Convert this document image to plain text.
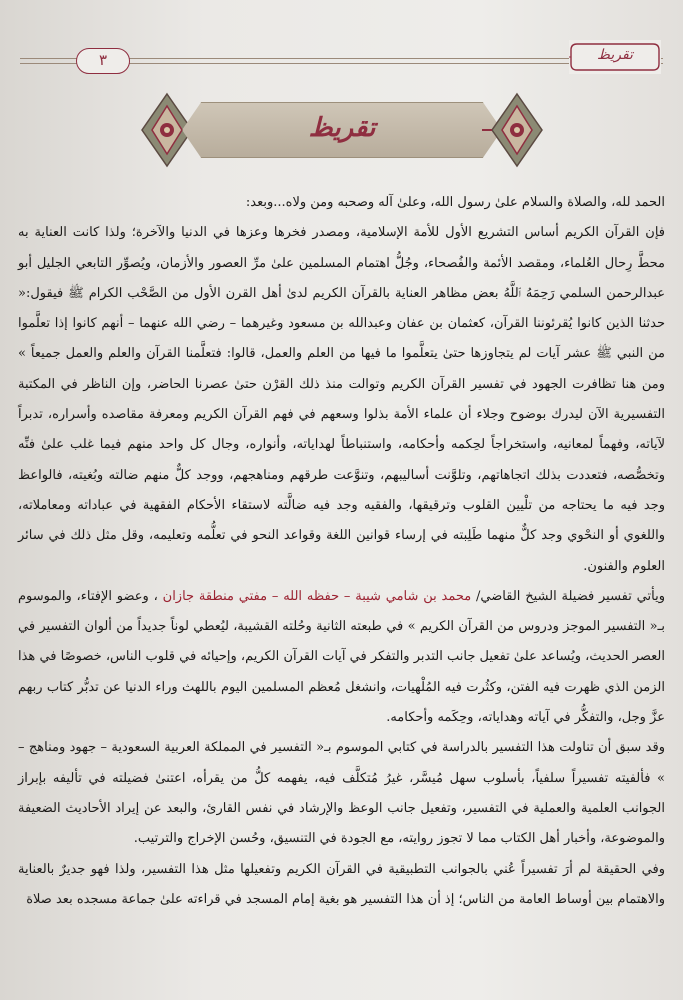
٣	تقريظ
تقريظ

الحمد لله، والصلاة والسلام علىٰ رسول الله، وعلىٰ آله وصحبه ومن ولاه...وبعد:

فإن القرآن الكريم أساس التشريع الأول للأمة الإسلامية، ومصدر فخرها وعزها في الدنيا والآخرة؛ ولذا كانت العناية به محطَّ رِحال العُلماء، ومقصد الأئمة والفُصحاء، وجُلُّ اهتمام المسلمين علىٰ مرِّ العصور والأزمان، ويُصوِّر التابعي الجليل أبو عبدالرحمن السلمي رَحِمَهُ ٱللَّهُ بعض مظاهر العناية بالقرآن الكريم لدىٰ أهل القرن الأول من الصَّحْب الكرام ﷺ فيقول:« حدثنا الذين كانوا يُقرئوننا القرآن، كعثمان بن عفان وعبدالله بن مسعود وغيرهما – رضي الله عنهما – أنهم كانوا إذا تعلَّموا من النبي ﷺ عشر آيات لم يتجاوزها حتىٰ يتعلَّموا ما فيها من العلم والعمل، قالوا: فتعلَّمنا القرآن والعلم والعمل جميعاً » ومن هنا تظافرت الجهود في تفسير القرآن الكريم وتوالت منذ ذلك القرْن حتىٰ عصرنا الحاضر، وإن الناظر في المكتبة التفسيرية الآن ليدرك بوضوح وجلاء أن علماء الأمة بذلوا وسعهم في فهم القرآن الكريم ومعرفة مقاصده وأسراره، تدبراً لآياته، وفهماً لمعانيه، واستخراجاً لحِكمه وأحكامه، واستنباطاً لهداياته، وأنواره، وجال كل واحد منهم فيما غلب علىٰ فنِّه وتخصُّصه، فتعددت بذلك اتجاهاتهم، وتلوَّنت أساليبهم، وتنوَّعت طرقهم ومناهجهم، ووجد كلٌّ منهم ضالته وبُغيته، فالواعظ وجد فيه ما يحتاجه من تلْيين القلوب وترقيقها، والفقيه وجد فيه ضالَّته لاستقاء الأحكام الفقهية في عباداته ومعاملاته، واللغوي أو النحْوي وجد كلٌّ منهما طَلِبته في إرساء قوانين اللغة وقواعد النحو في تعلُّمه وتعليمه، وقل مثل ذلك في سائر العلوم والفنون.

ويأتي تفسير فضيلة الشيخ القاضي/ محمد بن شامي شيبة – حفظه الله – مفتي منطقة جازان ، وعضو الإفتاء، والموسوم بـ« التفسير الموجز ودروس من القرآن الكريم » في طبعته الثانية وحُلته القشيبة، ليُعطي لوناً جديداً من ألوان التفسير في العصر الحديث، ويُساعد علىٰ تفعيل جانب التدبر والتفكر في آيات القرآن الكريم، وإحيائه في قلوب الناس، خصوصًا في هذا الزمن الذي ظهرت فيه الفتن، وكثُرت فيه المُلْهيات، وانشغل مُعظم المسلمين اليوم باللهث وراء الدنيا عن تدبُّر كتاب ربهم عزَّ وجل، والتفكُّر في آياته وهداياته، وحِكَمه وأحكامه.

وقد سبق أن تناولت هذا التفسير بالدراسة في كتابي الموسوم بـ« التفسير في المملكة العربية السعودية – جهود ومناهج – » فألفيته تفسيراً سلفياً، بأسلوب سهل مُيسَّر، غيرُ مُتكلَّف فيه، يفهمه كلُّ من يقرأه، اعتنىٰ فضيلته في تأليفه بإبراز الجوانب العلمية والعملية في التفسير، وتفعيل جانب الوعظ والإرشاد في نفس القارئ، والبعد عن إيراد الأحاديث الضعيفة والموضوعة، وأخبار أهل الكتاب مما لا تجوز روايته، مع الجودة في التنسيق، وحُسن الإخراج والترتيب.

وفي الحقيقة لم أرَ تفسيراً عُني بالجوانب التطبيقية في القرآن الكريم وتفعيلها مثل هذا التفسير، ولذا فهو جديرٌ بالعناية والاهتمام بين أوساط العامة من الناس؛ إذ أن هذا التفسير هو بغية إمام المسجد في قراءته علىٰ جماعة مسجده بعد صلاة
